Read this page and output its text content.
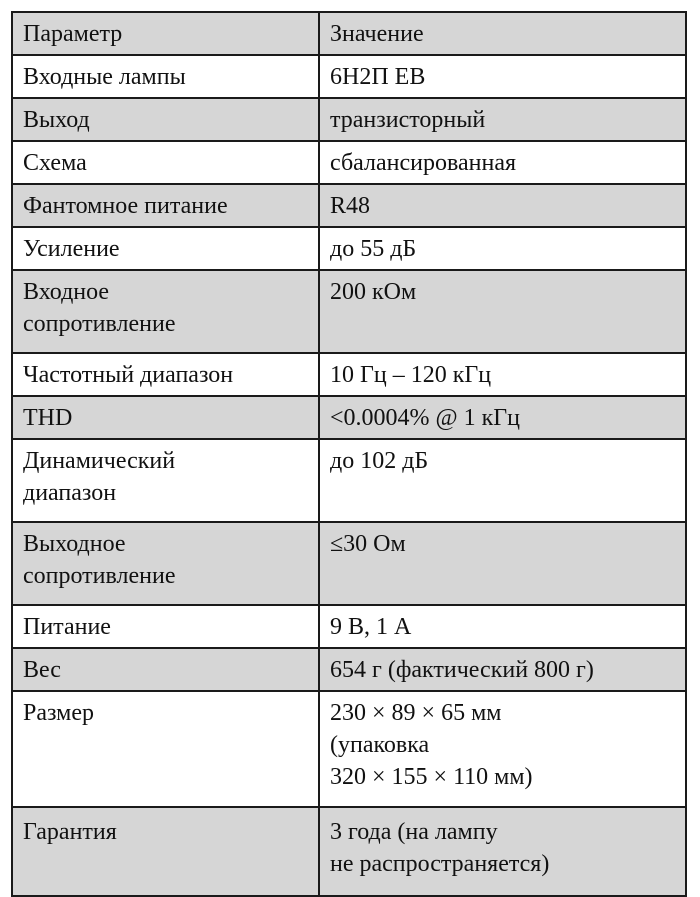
Параметр	Значение
Входные лампы	6Н2П ЕВ
Выход	транзисторный
Схема	сбалансированная
Фантомное питание	R48
Усиление	до 55 дБ
Входное
сопротивление	200 кОм
Частотный диапазон	10 Гц – 120 кГц
THD	<0.0004% @ 1 кГц
Динамический
диапазон	до 102 дБ
Выходное
сопротивление	≤30 Ом
Питание	9 В, 1 А
Вес	654 г (фактический 800 г)
Размер	230 × 89 × 65 мм
(упаковка
320 × 155 × 110 мм)
Гарантия	3 года (на лампу
не распространяется)
